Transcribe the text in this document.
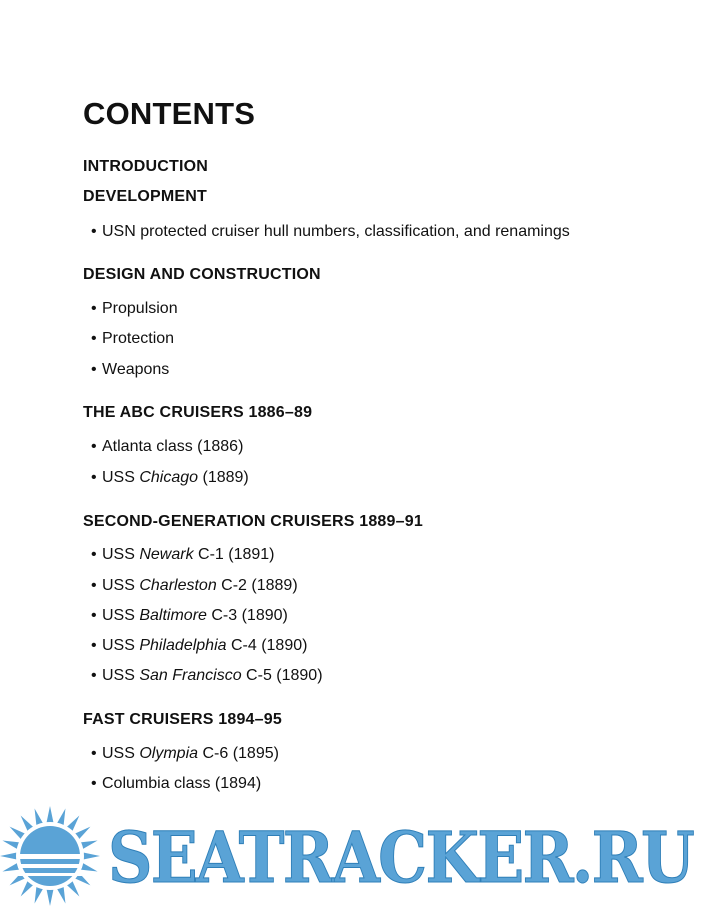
CONTENTS
INTRODUCTION
DEVELOPMENT
• USN protected cruiser hull numbers, classification, and renamings
DESIGN AND CONSTRUCTION
• Propulsion
• Protection
• Weapons
THE ABC CRUISERS 1886–89
• Atlanta class (1886)
• USS Chicago (1889)
SECOND-GENERATION CRUISERS 1889–91
• USS Newark C-1 (1891)
• USS Charleston C-2 (1889)
• USS Baltimore C-3 (1890)
• USS Philadelphia C-4 (1890)
• USS San Francisco C-5 (1890)
FAST CRUISERS 1894–95
• USS Olympia C-6 (1895)
• Columbia class (1894)
SEATRACKER.RU
